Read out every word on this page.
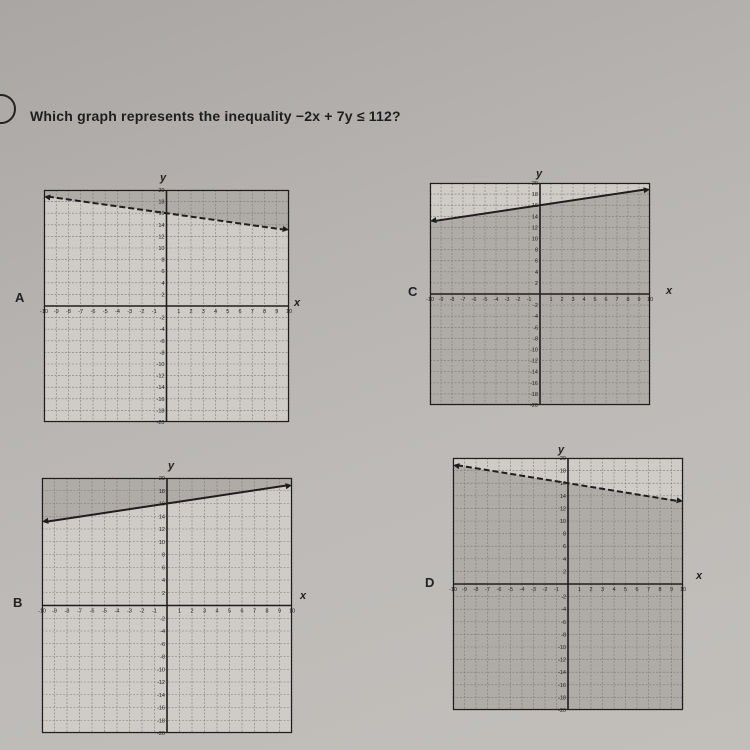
Which graph represents the inequality −2x + 7y ≤ 112?
A
B
C
D
-10 -9 -8 -7 -6 -5 -4 -3 -2 -1	1 2 3 4 5 6 7 8 9 10
-20
-18
-16
-14
-12
-10
-8
-6
-4
-2
2
4
6
8
10
12
14
16
18
20
-10 -9 -8 -7 -6 -5 -4 -3 -2 -1	1 2 3 4 5 6 7 8 9 10
-20
-18
-16
-14
-12
-10
-8
-6
-4
-2
2
4
6
8
10
12
14
18
20
-10 -9 -8 -7 -6 -5 -4 -3 -2 -1	1 2 3 4 5 6 7 8 9 10
-20
-18
-16
-14
-12
-10
-8
-6
-4
-2
2
4
6
8
10
12
14
18
20
-10 -9 -8 -7 -6 -5 -4 -3 -2 -1	1 2 3 4 5 6 7 8 9 10
-20
-18
-16
-14
-12
-10
-8
-6
-4
-2
2
4
6
8
10
12
14
16
18
20
y
x
y
x
y
x
y
x
